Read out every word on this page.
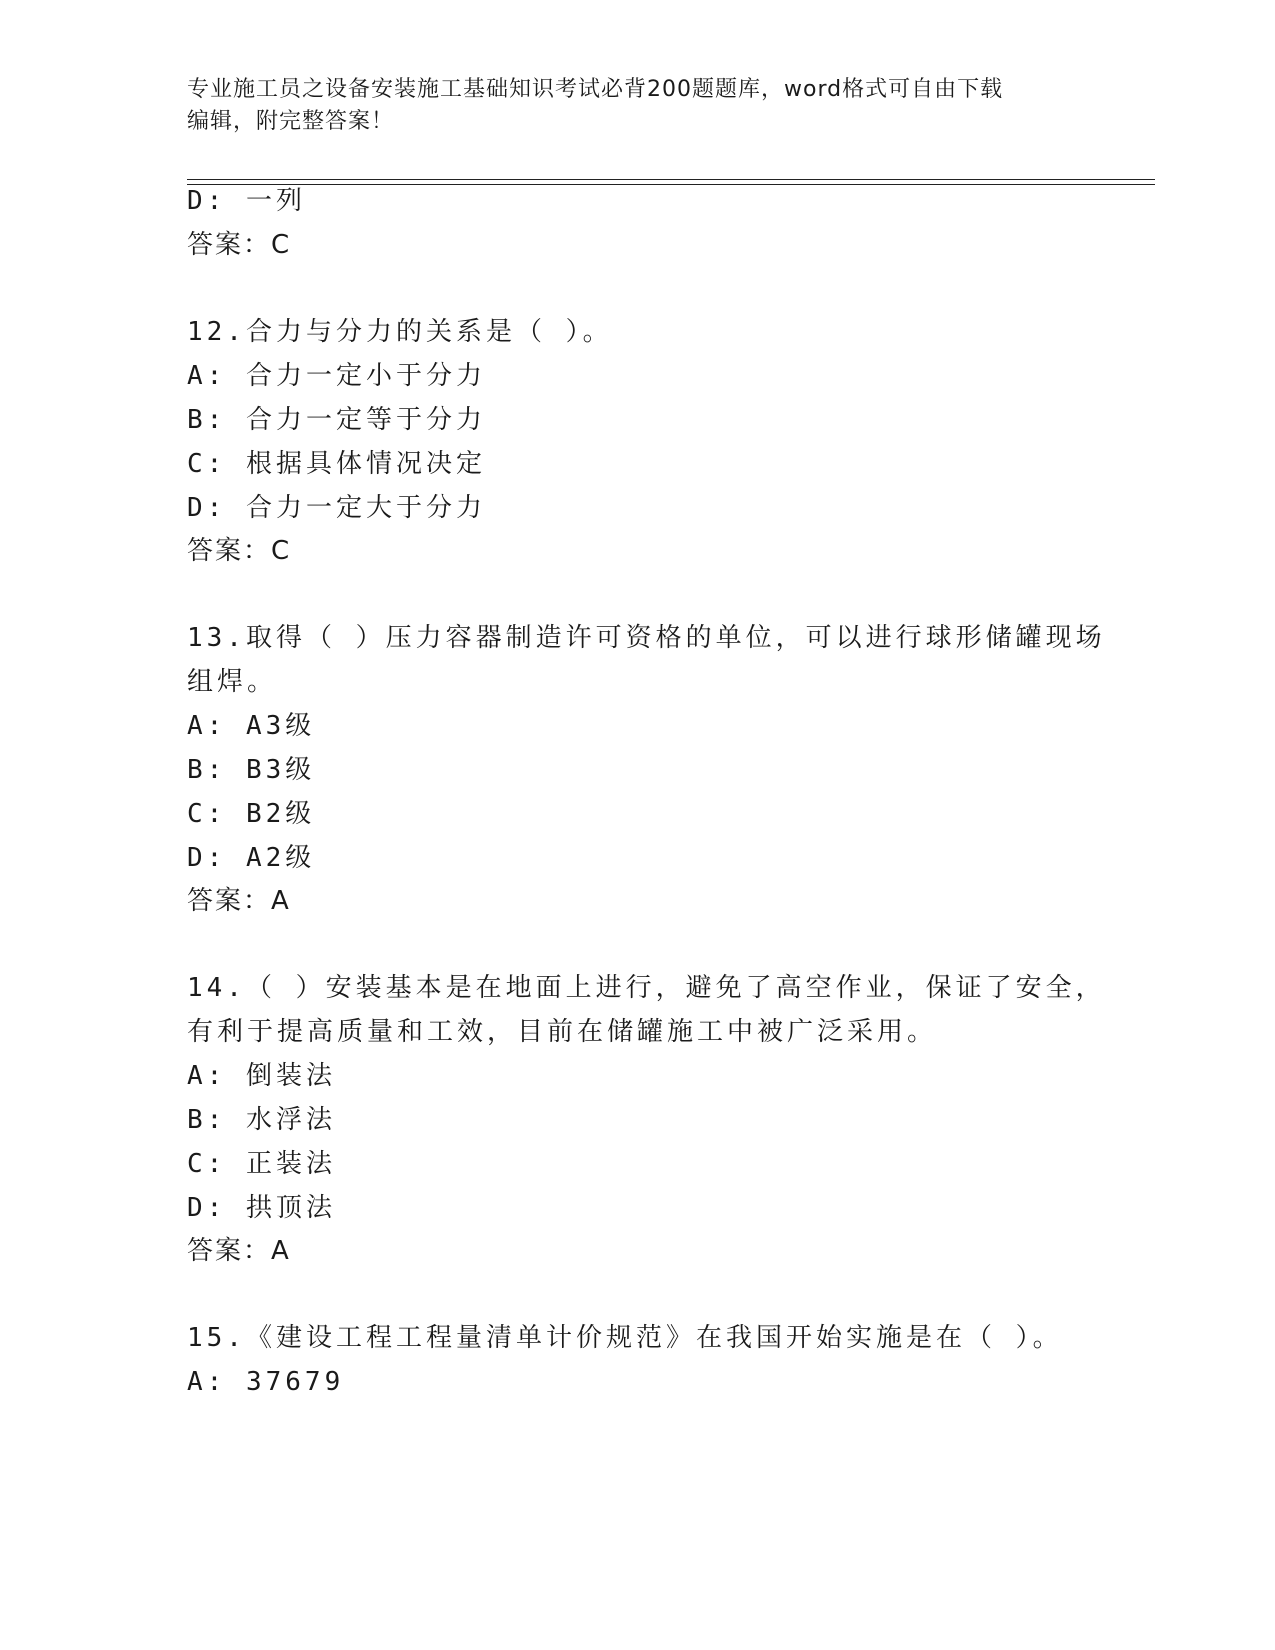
专业施工员之设备安装施工基础知识考试必背200题题库，word格式可自由下载
编辑，附完整答案！
D: 一列
答案：C
12.合力与分力的关系是（ ）。
A: 合力一定小于分力
B: 合力一定等于分力
C: 根据具体情况决定
D: 合力一定大于分力
答案：C
13.取得（ ）压力容器制造许可资格的单位，可以进行球形储罐现场
组焊。
A: A3级
B: B3级
C: B2级
D: A2级
答案：A
14.（ ）安装基本是在地面上进行，避免了高空作业，保证了安全，
有利于提高质量和工效，目前在储罐施工中被广泛采用。
A: 倒装法
B: 水浮法
C: 正装法
D: 拱顶法
答案：A
15.《建设工程工程量清单计价规范》在我国开始实施是在（ ）。
A: 37679
